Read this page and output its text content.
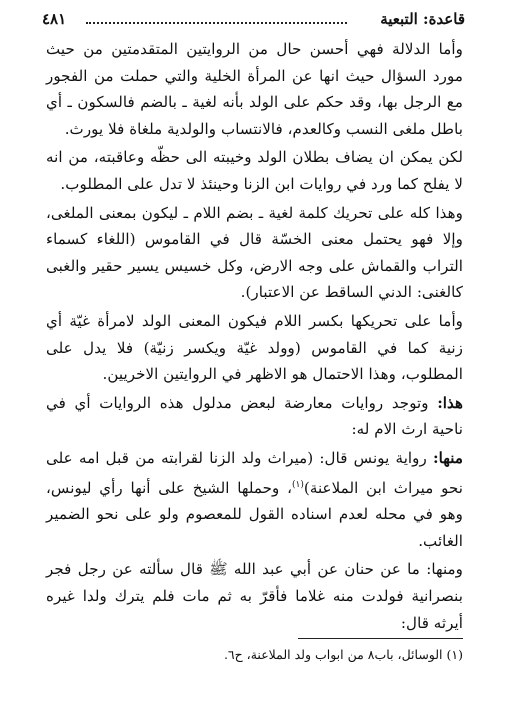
قاعدة: التبعية
٤٨١

وأما الدلالة فهي أحسن حال من الروايتين المتقدمتين من حيث مورد السؤال حيث انها عن المرأة الخلية والتي حملت من الفجور مع الرجل بها، وقد حكم على الولد بأنه لغية ـ بالضم فالسكون ـ أي باطل ملغى النسب وكالعدم، فالانتساب والولدية ملغاة فلا يورث.

لكن يمكن ان يضاف بطلان الولد وخيبته الى حظّه وعاقبته، من انه لا يفلح كما ورد في روايات ابن الزنا وحينئذ لا تدل على المطلوب.

وهذا كله على تحريك كلمة لغية ـ بضم اللام ـ ليكون بمعنى الملغى، وإلا فهو يحتمل معنى الخسّة قال في القاموس (اللغاء كسماء التراب والقماش على وجه الارض، وكل خسيس يسير حقير والغبى كالغنى: الدني الساقط عن الاعتبار).

وأما على تحريكها بكسر اللام فيكون المعنى الولد لامرأة غيّة أي زنية كما في القاموس (وولد غيّة ويكسر زنيّة) فلا يدل على المطلوب، وهذا الاحتمال هو الاظهر في الروايتين الاخريين.

هذا: وتوجد روايات معارضة لبعض مدلول هذه الروايات أي في ناحية ارث الام له:

منها: رواية يونس قال: (ميراث ولد الزنا لقرابته من قبل امه على نحو ميراث ابن الملاعنة)$^{(١)}$، وحملها الشيخ على أنها رأي ليونس، وهو في محله لعدم اسناده القول للمعصوم ولو على نحو الضمير الغائب.

ومنها: ما عن حنان عن أبي عبد الله ﷺ قال سألته عن رجل فجر بنصرانية فولدت منه غلاما فأقرّ به ثم مات فلم يترك ولدا غيره أيرثه قال:

(١) الوسائل، باب٨ من ابواب ولد الملاعنة، ح٦.
